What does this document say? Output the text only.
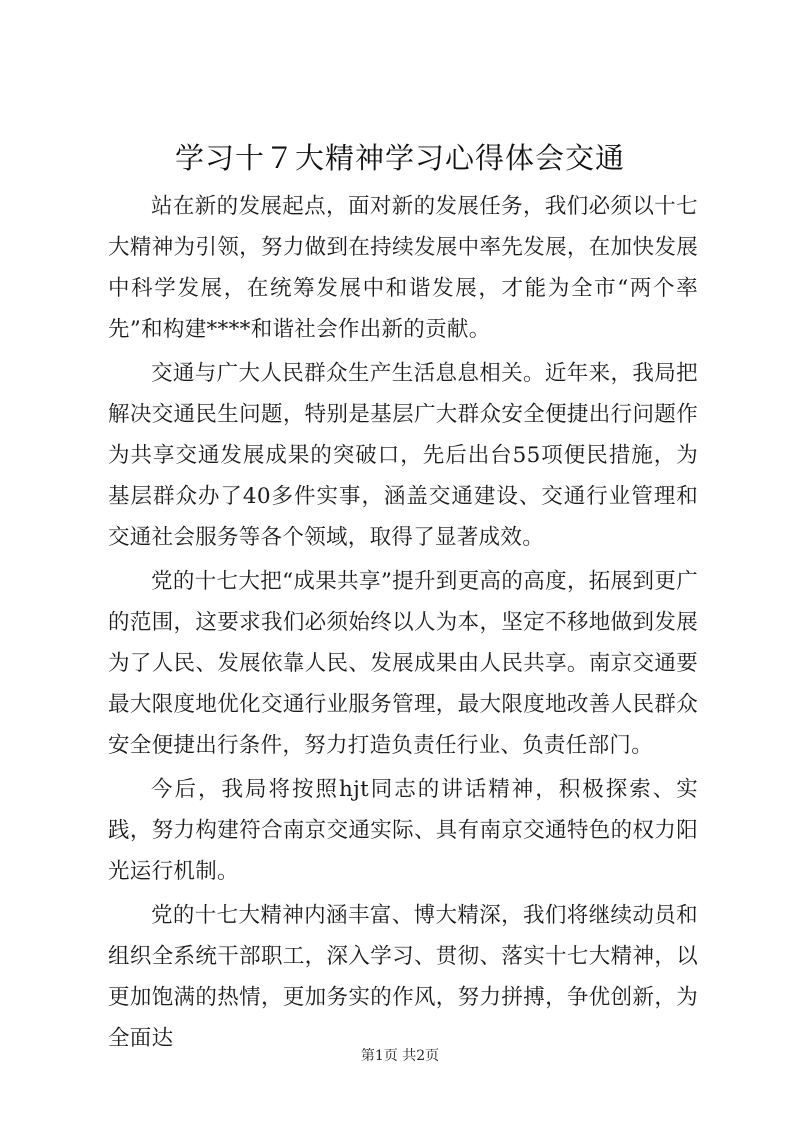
学习十７大精神学习心得体会交通

站在新的发展起点，面对新的发展任务，我们必须以十七大精神为引领，努力做到在持续发展中率先发展，在加快发展中科学发展，在统筹发展中和谐发展，才能为全市“两个率先”和构建****和谐社会作出新的贡献。

交通与广大人民群众生产生活息息相关。近年来，我局把解决交通民生问题，特别是基层广大群众安全便捷出行问题作为共享交通发展成果的突破口，先后出台55项便民措施，为基层群众办了40多件实事，涵盖交通建设、交通行业管理和交通社会服务等各个领域，取得了显著成效。

党的十七大把“成果共享”提升到更高的高度，拓展到更广的范围，这要求我们必须始终以人为本，坚定不移地做到发展为了人民、发展依靠人民、发展成果由人民共享。南京交通要最大限度地优化交通行业服务管理，最大限度地改善人民群众安全便捷出行条件，努力打造负责任行业、负责任部门。

今后，我局将按照hjt同志的讲话精神，积极探索、实践，努力构建符合南京交通实际、具有南京交通特色的权力阳光运行机制。

党的十七大精神内涵丰富、博大精深，我们将继续动员和组织全系统干部职工，深入学习、贯彻、落实十七大精神，以更加饱满的热情，更加务实的作风，努力拼搏，争优创新，为全面达

第1页 共2页
